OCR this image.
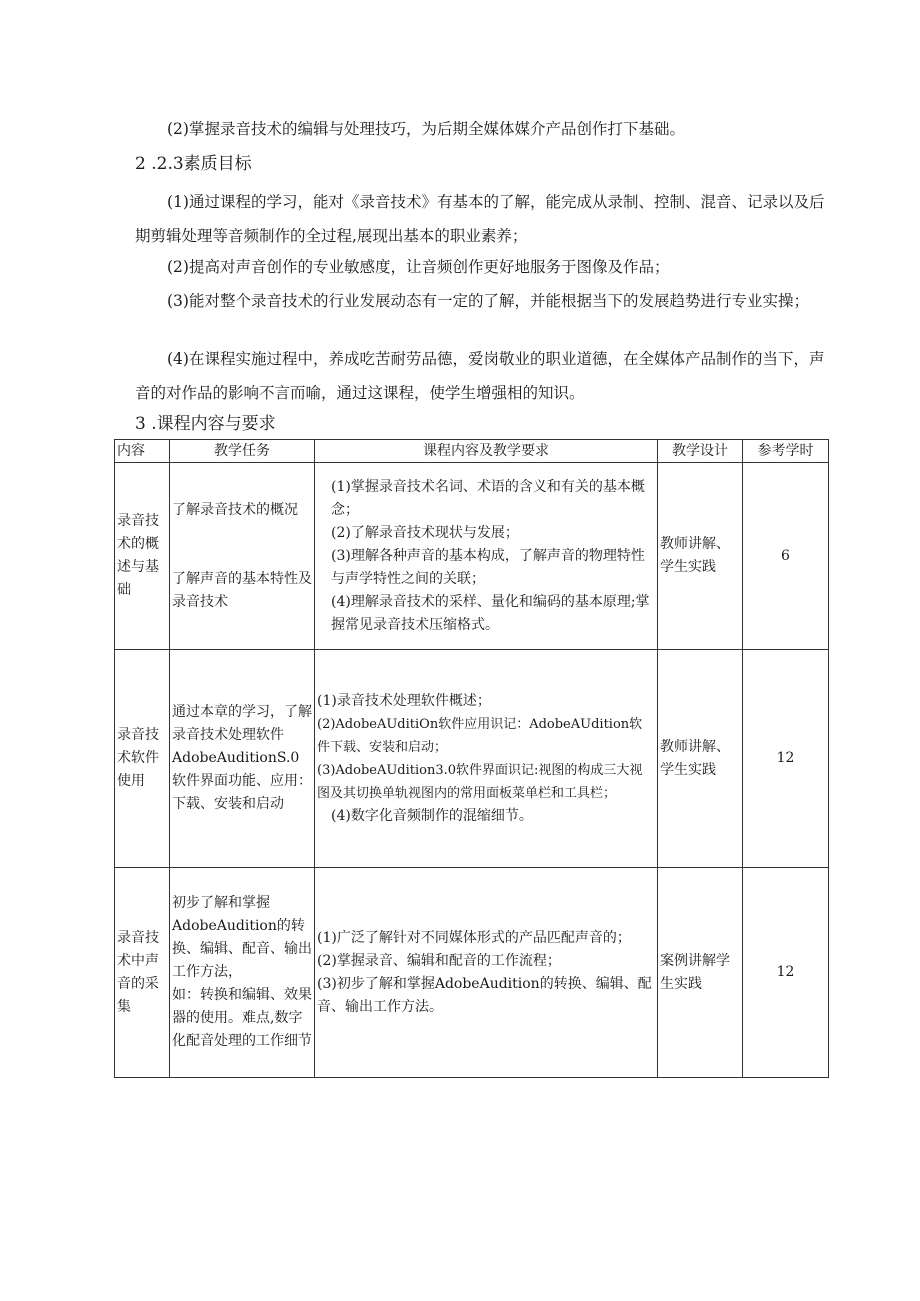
(2)掌握录音技术的编辑与处理技巧，为后期全媒体媒介产品创作打下基础。
2 .2.3素质目标
(1)通过课程的学习，能对《录音技术》有基本的了解，能完成从录制、控制、混音、记录以及后期剪辑处理等音频制作的全过程,展现出基本的职业素养；
(2)提高对声音创作的专业敏感度，让音频创作更好地服务于图像及作品；
(3)能对整个录音技术的行业发展动态有一定的了解，并能根据当下的发展趋势进行专业实操；
(4)在课程实施过程中，养成吃苦耐劳品德，爱岗敬业的职业道德，在全媒体产品制作的当下，声音的对作品的影响不言而喻，通过这课程，使学生增强相的知识。
3 .课程内容与要求
内容	教学任务	课程内容及教学要求	教学设计	参考学时
录音技术的概述与基础	了解录音技术的概况
了解声音的基本特性及录音技术	(1)掌握录音技术名词、术语的含义和有关的基本概念；
(2)了解录音技术现状与发展；
(3)理解各种声音的基本构成，了解声音的物理特性与声学特性之间的关联；
(4)理解录音技术的采样、量化和编码的基本原理;掌握常见录音技术压缩格式。	教师讲解、学生实践	6
录音技术软件使用	通过本章的学习，了解录音技术处理软件AdobeAuditionS.0软件界面功能、应用：下载、安装和启动	(1)录音技术处理软件概述；
(2)AdobeAUditiOn软件应用识记：AdobeAUdition软件下载、安装和启动；
(3)AdobeAUdition3.0软件界面识记:视图的构成三大视图及其切换单轨视图内的常用面板菜单栏和工具栏；
(4)数字化音频制作的混缩细节。	教师讲解、学生实践	12
录音技术中声音的采集	初步了解和掌握AdobeAudition的转换、编辑、配音、输出工作方法，
如：转换和编辑、效果器的使用。难点,数字化配音处理的工作细节	(1)广泛了解针对不同媒体形式的产品匹配声音的；
(2)掌握录音、编辑和配音的工作流程；
(3)初步了解和掌握AdobeAudition的转换、编辑、配音、输出工作方法。	案例讲解学生实践	12
